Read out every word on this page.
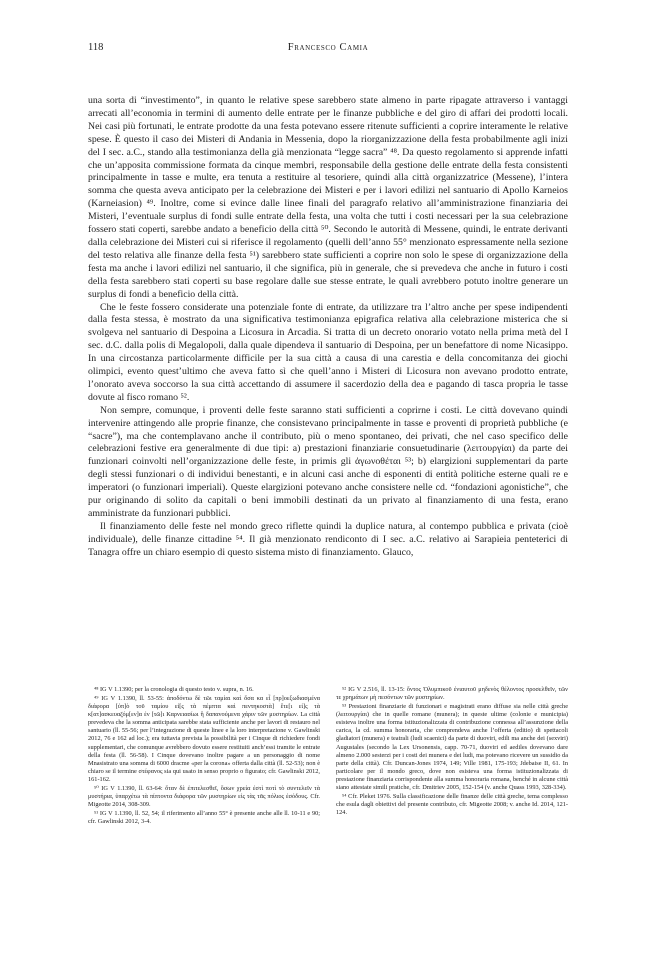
118	Francesco Camia

una sorta di “investimento”, in quanto le relative spese sarebbero state almeno in parte ripagate attraverso i vantaggi arrecati all’economia in termini di aumento delle entrate per le finanze pubbliche e del giro di affari dei prodotti locali. Nei casi più fortunati, le entrate prodotte da una festa potevano essere ritenute sufficienti a coprire interamente le relative spese. È questo il caso dei Misteri di Andania in Messenia, dopo la riorganizzazione della festa probabilmente agli inizi del I sec. a.C., stando alla testimonianza della già menzionata “legge sacra” ⁴⁸. Da questo regolamento si apprende infatti che un’apposita commissione formata da cinque membri, responsabile della gestione delle entrate della festa consistenti principalmente in tasse e multe, era tenuta a restituire al tesoriere, quindi alla città organizzatrice (Messene), l’intera somma che questa aveva anticipato per la celebrazione dei Misteri e per i lavori edilizi nel santuario di Apollo Karneios (Karneiasion) ⁴⁹. Inoltre, come si evince dalle linee finali del paragrafo relativo all’amministrazione finanziaria dei Misteri, l’eventuale surplus di fondi sulle entrate della festa, una volta che tutti i costi necessari per la sua celebrazione fossero stati coperti, sarebbe andato a beneficio della città ⁵⁰. Secondo le autorità di Messene, quindi, le entrate derivanti dalla celebrazione dei Misteri cui si riferisce il regolamento (quelli dell’anno 55° menzionato espressamente nella sezione del testo relativa alle finanze della festa ⁵¹) sarebbero state sufficienti a coprire non solo le spese di organizzazione della festa ma anche i lavori edilizi nel santuario, il che significa, più in generale, che si prevedeva che anche in futuro i costi della festa sarebbero stati coperti su base regolare dalle sue stesse entrate, le quali avrebbero potuto inoltre generare un surplus di fondi a beneficio della città.

Che le feste fossero considerate una potenziale fonte di entrate, da utilizzare tra l’altro anche per spese indipendenti dalla festa stessa, è mostrato da una significativa testimonianza epigrafica relativa alla celebrazione misterica che si svolgeva nel santuario di Despoina a Licosura in Arcadia. Si tratta di un decreto onorario votato nella prima metà del I sec. d.C. dalla polis di Megalopoli, dalla quale dipendeva il santuario di Despoina, per un benefattore di nome Nicasippo. In una circostanza particolarmente difficile per la sua città a causa di una carestia e della concomitanza dei giochi olimpici, evento quest’ultimo che aveva fatto sì che quell’anno i Misteri di Licosura non avevano prodotto entrate, l’onorato aveva soccorso la sua città accettando di assumere il sacerdozio della dea e pagando di tasca propria le tasse dovute al fisco romano ⁵².

Non sempre, comunque, i proventi delle feste saranno stati sufficienti a coprirne i costi. Le città dovevano quindi intervenire attingendo alle proprie finanze, che consistevano principalmente in tasse e proventi di proprietà pubbliche (e “sacre”), ma che contemplavano anche il contributo, più o meno spontaneo, dei privati, che nel caso specifico delle celebrazioni festive era generalmente di due tipi: a) prestazioni finanziarie consuetudinarie (λειτουργίαι) da parte dei funzionari coinvolti nell’organizzazione delle feste, in primis gli ἀγωνοθέται ⁵³; b) elargizioni supplementari da parte degli stessi funzionari o di individui benestanti, e in alcuni casi anche di esponenti di entità politiche esterne quali re e imperatori (o funzionari imperiali). Queste elargizioni potevano anche consistere nelle cd. “fondazioni agonistiche”, che pur originando di solito da capitali o beni immobili destinati da un privato al finanziamento di una festa, erano amministrate da funzionari pubblici.

Il finanziamento delle feste nel mondo greco riflette quindi la duplice natura, al contempo pubblica e privata (cioè individuale), delle finanze cittadine ⁵⁴. Il già menzionato rendiconto di I sec. a.C. relativo ai Sarapieia penteterici di Tanagra offre un chiaro esempio di questo sistema misto di finanziamento. Glauco,

⁴⁸ IG V 1.1390; per la cronologia di questo testo v. supra, n. 16.

⁴⁹ IG V 1.1390, ll. 53-55: ἀποδόντω δὲ τῶι ταμίαι καὶ ὅσα κα εἶ [πρ]οεξωδιασμένα διάφορα [ὑπ]ὸ τοῦ ταμίου εἰ[ς τὰ πέμπτα καὶ πεντηκοστὰ] ἔτε[ι εἰ]ς τὰ κ[ατ]ασκευαζόμ[εν]α ἐν [τῶ]ι Καρνειασίωι ἢ δαπανούμενα χάριν τῶν μυστηρίων. La città prevedeva che la somma anticipata sarebbe stata sufficiente anche per lavori di restauro nel santuario (ll. 55-56; per l’integrazione di queste linee e la loro interpretazione v. Gawlinski 2012, 76 e 162 ad loc.); era tuttavia prevista la possibilità per i Cinque di richiedere fondi supplementari, che comunque avrebbero dovuto essere restituiti anch’essi tramite le entrate della festa (ll. 56-58). I Cinque dovevano inoltre pagare a un personaggio di nome Mnasistrato una somma di 6000 dracme «per la corona» offerta dalla città (ll. 52-53); non è chiaro se il termine στέφανος sia qui usato in senso proprio o figurato; cfr. Gawlinski 2012, 161-162.

⁵⁰ IG V 1.1390, ll. 63-64: ὅταν δὲ ἐπιτελεσθεῖ, ὅσων χρεία ἐστὶ ποτὶ τὸ συντελεῖν τὰ μυστήρια, ὑπαρχέτω τὰ πίπτοντα διάφορα τῶν μυστηρίων εἰς τὰς τᾶς πόλιος ἐσόδους. Cfr. Migeotte 2014, 308-309.

⁵¹ IG V 1.1390, ll. 52, 54; il riferimento all’anno 55° è presente anche alle ll. 10-11 e 90; cfr. Gawlinski 2012, 3-4.

⁵² IG V 2.516, ll. 13-15: ὄντος Ὀλυμπικοῦ ἐνιαυτοῦ μηδενὸς θέλοντος προσελθεῖν, τῶν τε χρημάτων μὴ πεσόντων τῶν μυστηρίων.

⁵³ Prestazioni finanziarie di funzionari e magistrati erano diffuse sia nelle città greche (λειτουργίαι) che in quelle romane (munera); in queste ultime (colonie e municipia) esisteva inoltre una forma istituzionalizzata di contribuzione connessa all’assunzione della carica, la cd. summa honoraria, che comprendeva anche l’offerta (editio) di spettacoli gladiatori (munera) e teatrali (ludi scaenici) da parte di duoviri, edili ma anche dei (sexviri) Augustales (secondo la Lex Ursonensis, capp. 70-71, duoviri ed aediles dovevano dare almeno 2.000 sesterzi per i costi dei munera e dei ludi, ma potevano ricevere un sussidio da parte della città). Cfr. Duncan-Jones 1974, 149; Ville 1981, 175-193; Jdebaise II, 61. In particolare per il mondo greco, dove non esisteva una forma istituzionalizzata di prestazione finanziaria corrispondente alla summa honoraria romana, benché in alcune città siano attestate simili pratiche, cfr. Dmitriev 2005, 152-154 (v. anche Quass 1993, 328-334).

⁵⁴ Cfr. Pleket 1976. Sulla classificazione delle finanze delle città greche, tema complesso che esula dagli obiettivi del presente contributo, cfr. Migeotte 2008; v. anche Id. 2014, 121-124.
